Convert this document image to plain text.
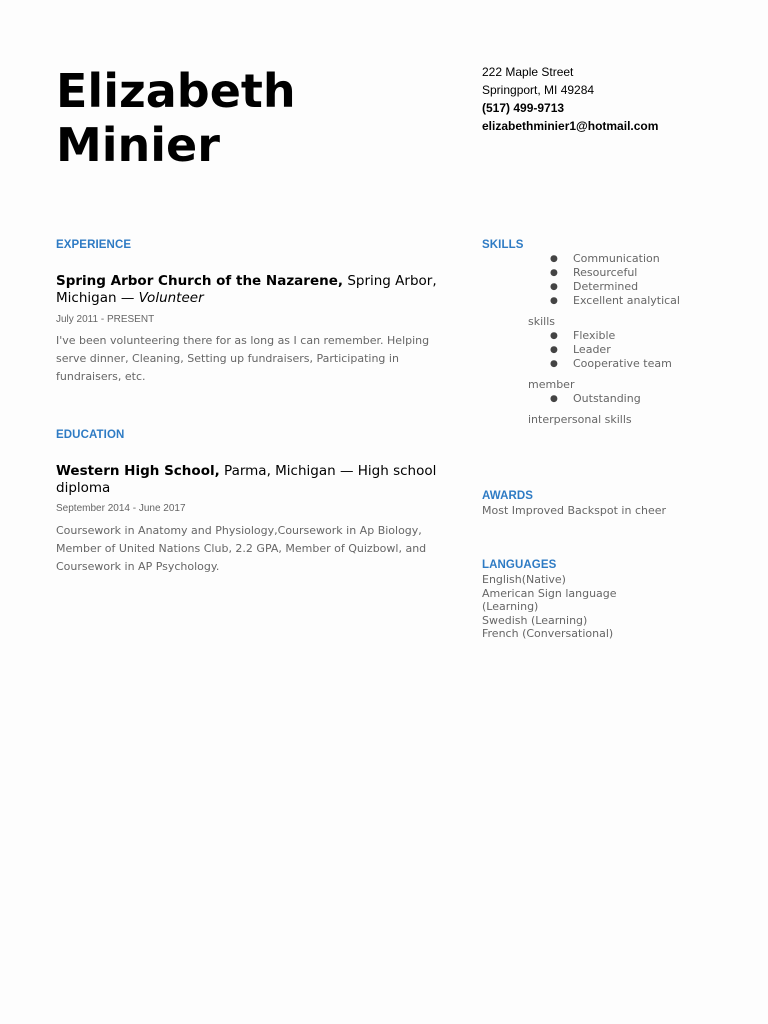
Elizabeth
Minier
222 Maple Street
Springport, MI 49284
(517) 499-9713
elizabethminier1@hotmail.com
EXPERIENCE
Spring Arbor Church of the Nazarene, Spring Arbor, Michigan — Volunteer
July 2011 - PRESENT

I've been volunteering there for as long as I can remember. Helping serve dinner, Cleaning, Setting up fundraisers, Participating in fundraisers, etc.

EDUCATION
Western High School, Parma, Michigan — High school diploma
September 2014 - June 2017

Coursework in Anatomy and Physiology,Coursework in Ap Biology, Member of United Nations Club, 2.2 GPA, Member of Quizbowl, and Coursework in AP Psychology.

SKILLS
● Communication
● Resourceful
● Determined
● Excellent analytical
skills
● Flexible
● Leader
● Cooperative team
member
● Outstanding
interpersonal skills
AWARDS
Most Improved Backspot in cheer
LANGUAGES
English(Native)
American Sign language (Learning)
Swedish (Learning)
French (Conversational)
